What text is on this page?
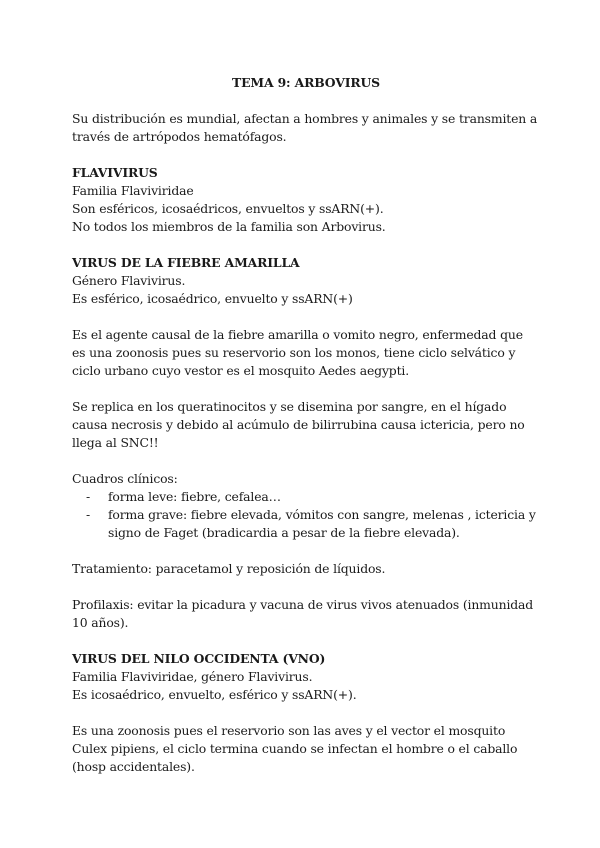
TEMA 9: ARBOVIRUS

Su distribución es mundial, afectan a hombres y animales y se transmiten a través de artrópodos hematófagos.

FLAVIVIRUS
Familia Flaviviridae
Son esféricos, icosaédricos, envueltos y ssARN(+).
No todos los miembros de la familia son Arbovirus.

VIRUS DE LA FIEBRE AMARILLA
Género Flavivirus.
Es esférico, icosaédrico, envuelto y ssARN(+)

Es el agente causal de la fiebre amarilla o vomito negro, enfermedad que es una zoonosis pues su reservorio son los monos, tiene ciclo selvático y ciclo urbano cuyo vestor es el mosquito Aedes aegypti.

Se replica en los queratinocitos y se disemina por sangre, en el hígado causa necrosis y debido al acúmulo de bilirrubina causa ictericia, pero no llega al SNC!!

Cuadros clínicos:
- forma leve: fiebre, cefalea…
- forma grave: fiebre elevada, vómitos con sangre, melenas , ictericia y signo de Faget (bradicardia a pesar de la fiebre elevada).

Tratamiento: paracetamol y reposición de líquidos.

Profilaxis: evitar la picadura y vacuna de virus vivos atenuados (inmunidad 10 años).

VIRUS DEL NILO OCCIDENTA (VNO)
Familia Flaviviridae, género Flavivirus.
Es icosaédrico, envuelto, esférico y ssARN(+).

Es una zoonosis pues el reservorio son las aves y el vector el mosquito Culex pipiens, el ciclo termina cuando se infectan el hombre o el caballo (hosp accidentales).
